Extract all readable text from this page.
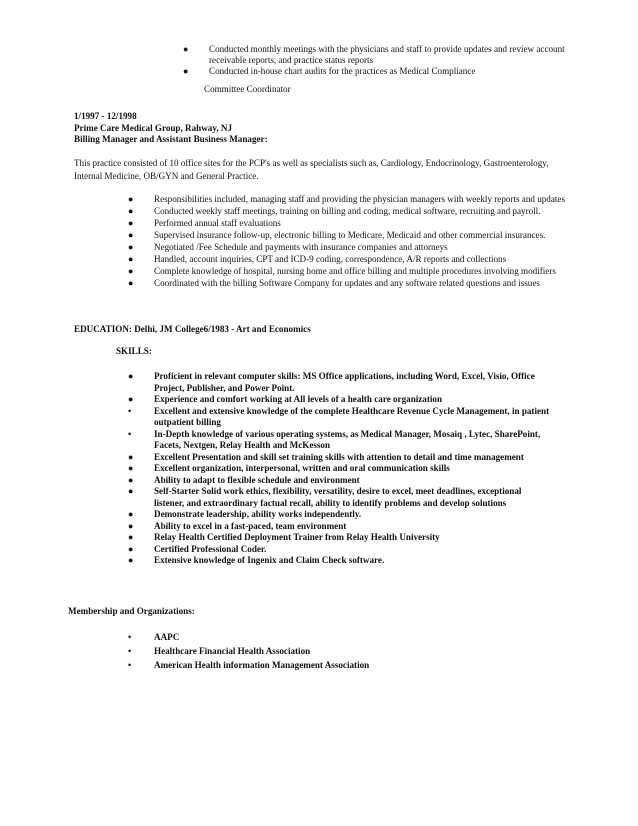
●	Conducted monthly meetings with the physicians and staff to provide updates and review account receivable reports, and practice status reports
●	Conducted in-house chart audits for the practices as Medical Compliance
Committee Coordinator
1/1997 - 12/1998
Prime Care Medical Group, Rahway, NJ
Billing Manager and Assistant Business Manager:
This practice consisted of 10 office sites for the PCP's as well as specialists such as, Cardiology, Endocrinology, Gastroenterology, Internal Medicine, OB/GYN and General Practice.
●	Responsibilities included, managing staff and providing the physician managers with weekly reports and updates
●	Conducted weekly staff meetings, training on billing and coding, medical software, recruiting and payroll.
●	Performed annual staff evaluations
●	Supervised insurance follow-up, electronic billing to Medicare, Medicaid and other commercial insurances.
●	Negotiated /Fee Schedule and payments with insurance companies and attorneys
●	Handled, account inquiries, CPT and ICD-9 coding, correspondence, A/R reports and collections
●	Complete knowledge of hospital, nursing home and office billing and multiple procedures involving modifiers
●	Coordinated with the billing Software Company for updates and any software related questions and issues
EDUCATION: Delhi, JM College6/1983 - Art and Economics
SKILLS:
●	Proficient in relevant computer skills: MS Office applications, including Word, Excel, Visio, Office Project, Publisher, and Power Point.
●	Experience and comfort working at All levels of a health care organization
•	Excellent and extensive knowledge of the complete Healthcare Revenue Cycle Management, in patient outpatient billing
•	In-Depth knowledge of various operating systems, as Medical Manager, Mosaiq , Lytec, SharePoint, Facets, Nextgen, Relay Health and McKesson
●	Excellent Presentation and skill set training skills with attention to detail and time management
●	Excellent organization, interpersonal, written and oral communication skills
●	Ability to adapt to flexible schedule and environment
●	Self-Starter Solid work ethics, flexibility, versatility, desire to excel, meet deadlines, exceptional listener, and extraordinary factual recall, ability to identify problems and develop solutions
●	Demonstrate leadership, ability works independently.
●	Ability to excel in a fast-paced, team environment
●	Relay Health Certified Deployment Trainer from Relay Health University
●	Certified Professional Coder.
●	Extensive knowledge of Ingenix and Claim Check software.
Membership and Organizations:
•	AAPC
•	Healthcare Financial Health Association
•	American Health information Management Association
